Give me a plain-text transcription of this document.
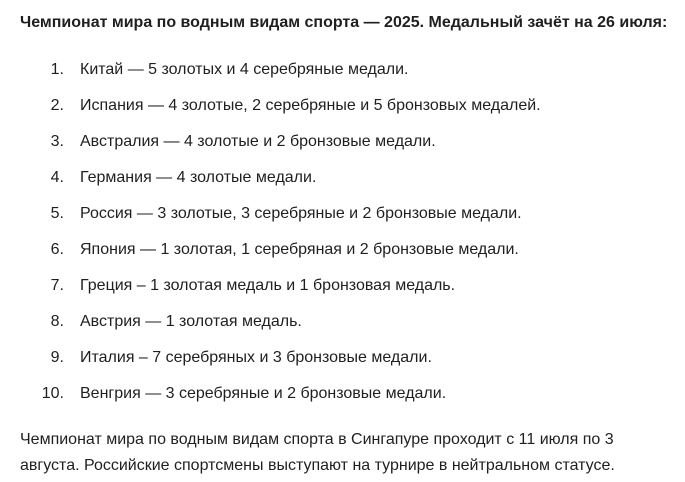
Чемпионат мира по водным видам спорта — 2025. Медальный зачёт на 26 июля:

1. Китай — 5 золотых и 4 серебряные медали.
2. Испания — 4 золотые, 2 серебряные и 5 бронзовых медалей.
3. Австралия — 4 золотые и 2 бронзовые медали.
4. Германия — 4 золотые медали.
5. Россия — 3 золотые, 3 серебряные и 2 бронзовые медали.
6. Япония — 1 золотая, 1 серебряная и 2 бронзовые медали.
7. Греция – 1 золотая медаль и 1 бронзовая медаль.
8. Австрия — 1 золотая медаль.
9. Италия – 7 серебряных и 3 бронзовые медали.
10. Венгрия — 3 серебряные и 2 бронзовые медали.

Чемпионат мира по водным видам спорта в Сингапуре проходит с 11 июля по 3 августа. Российские спортсмены выступают на турнире в нейтральном статусе.
